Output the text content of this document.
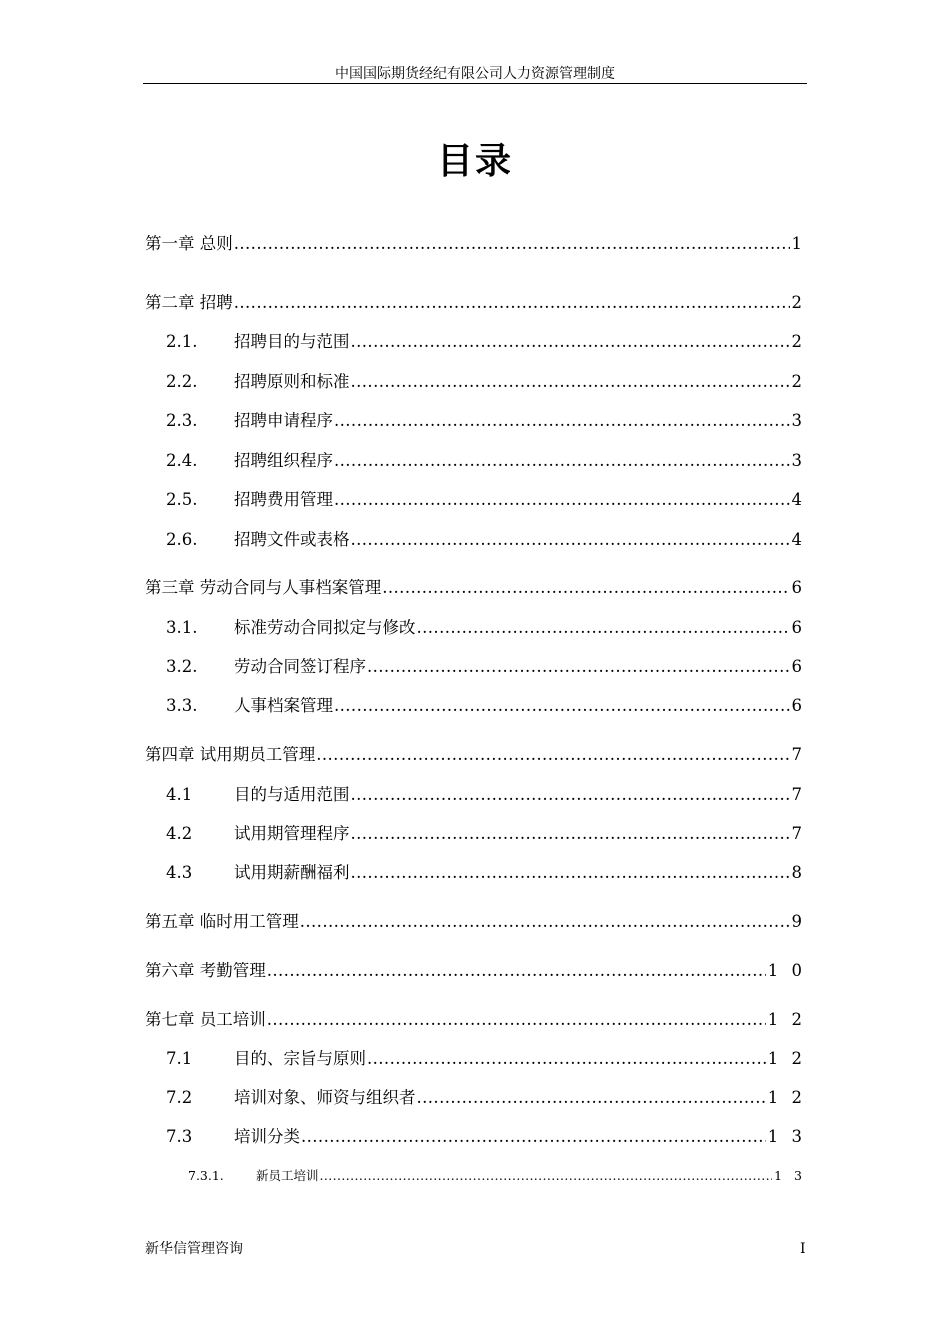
中国国际期货经纪有限公司人力资源管理制度
目录
第一章 总则 .....	1
第二章 招聘 .....	2
2.1.	招聘目的与范围 .....	2
2.2.	招聘原则和标准 .....	2
2.3.	招聘申请程序 .....	3
2.4.	招聘组织程序 .....	3
2.5.	招聘费用管理 .....	4
2.6.	招聘文件或表格 .....	4
第三章 劳动合同与人事档案管理 .....	6
3.1.	标准劳动合同拟定与修改 .....	6
3.2.	劳动合同签订程序 .....	6
3.3.	人事档案管理 .....	6
第四章 试用期员工管理 .....	7
4.1	目的与适用范围 .....	7
4.2	试用期管理程序 .....	7
4.3	试用期薪酬福利 .....	8
第五章 临时用工管理 .....	9
第六章 考勤管理 .....	1 0
第七章 员工培训 .....	1 2
7.1	目的、宗旨与原则 .....	1 2
7.2	培训对象、师资与组织者 .....	1 2
7.3	培训分类 .....	1 3
7.3.1.	新员工培训 .....	1 3
新华信管理咨询	I
